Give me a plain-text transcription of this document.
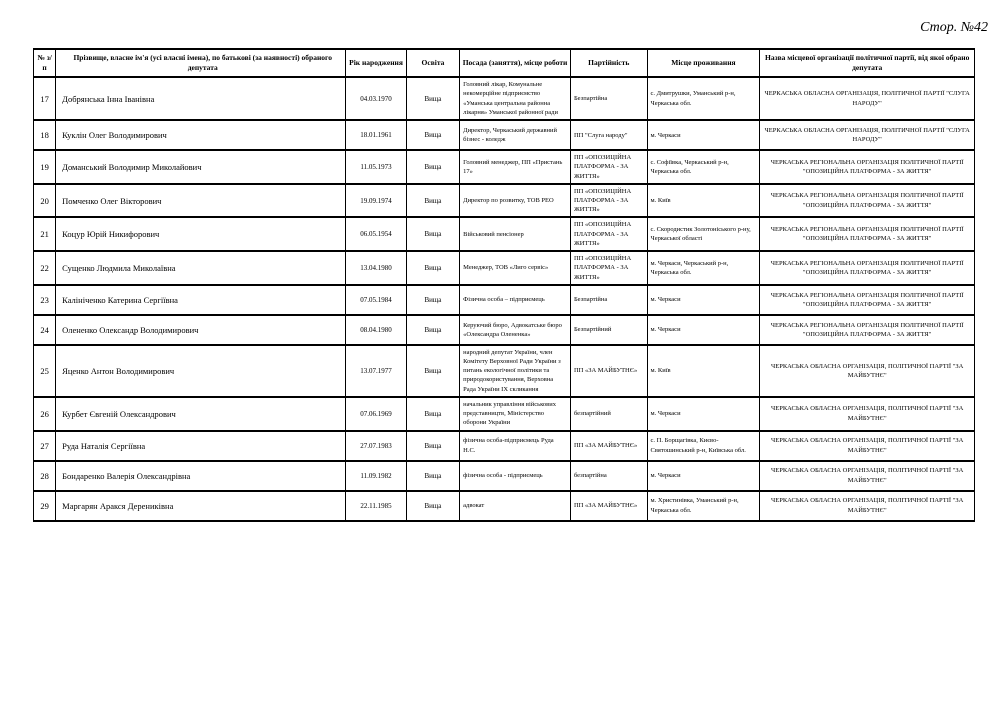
Стор. №42
№ з/п	Прізвище, власне ім'я (усі власні імена), по батькові (за наявності) обраного депутата	Рік народження	Освіта	Посада (заняття), місце роботи	Партійність	Місце проживання	Назва місцевої організації політичної партії, від якої обрано депутата
17	Добрянська Інна Іванівна	04.03.1970	Вища	Головний лікар, Комунальне некомерційне підприємство «Уманська центральна районна лікарня» Уманської районної ради	Безпартійна	с. Дмитрушки, Уманський р-н, Черкаська обл.	ЧЕРКАСЬКА ОБЛАСНА ОРГАНІЗАЦІЯ, ПОЛІТИЧНОЇ ПАРТІЇ "СЛУГА НАРОДУ"
18	Куклін Олег Володимирович	18.01.1961	Вища	Директор, Черкаський державний бізнес - коледж	ПП "Слуга народу"	м. Черкаси	ЧЕРКАСЬКА ОБЛАСНА ОРГАНІЗАЦІЯ, ПОЛІТИЧНОЇ ПАРТІЇ "СЛУГА НАРОДУ"
19	Доманський Володимир Миколайович	11.05.1973	Вища	Головний менеджер, ПП «Пристань 17»	ПП «ОПОЗИЦІЙНА ПЛАТФОРМА - ЗА ЖИТТЯ»	с. Софіївка, Черкаський р-н, Черкаська обл.	ЧЕРКАСЬКА РЕГІОНАЛЬНА ОРГАНІЗАЦІЯ ПОЛІТИЧНОЇ ПАРТІЇ "ОПОЗИЦІЙНА ПЛАТФОРМА - ЗА ЖИТТЯ"
20	Помченко Олег Вікторович	19.09.1974	Вища	Директор по розвитку, ТОВ РЕО	ПП «ОПОЗИЦІЙНА ПЛАТФОРМА - ЗА ЖИТТЯ»	м. Київ	ЧЕРКАСЬКА РЕГІОНАЛЬНА ОРГАНІЗАЦІЯ ПОЛІТИЧНОЇ ПАРТІЇ "ОПОЗИЦІЙНА ПЛАТФОРМА - ЗА ЖИТТЯ"
21	Коцур Юрій Никифорович	06.05.1954	Вища	Військовий пенсіонер	ПП «ОПОЗИЦІЙНА ПЛАТФОРМА - ЗА ЖИТТЯ»	с. Скородистик Золотоніського р-ну, Черкаської області	ЧЕРКАСЬКА РЕГІОНАЛЬНА ОРГАНІЗАЦІЯ ПОЛІТИЧНОЇ ПАРТІЇ "ОПОЗИЦІЙНА ПЛАТФОРМА - ЗА ЖИТТЯ"
22	Сущенко Людмила Миколаївна	13.04.1980	Вища	Менеджер, ТОВ «Лиго сервіс»	ПП «ОПОЗИЦІЙНА ПЛАТФОРМА - ЗА ЖИТТЯ»	м. Черкаси, Черкаський р-н, Черкаська обл.	ЧЕРКАСЬКА РЕГІОНАЛЬНА ОРГАНІЗАЦІЯ ПОЛІТИЧНОЇ ПАРТІЇ "ОПОЗИЦІЙНА ПЛАТФОРМА - ЗА ЖИТТЯ"
23	Калініченко Катерина Сергіївна	07.05.1984	Вища	Фізична особа – підприємець	Безпартійна	м. Черкаси	ЧЕРКАСЬКА РЕГІОНАЛЬНА ОРГАНІЗАЦІЯ ПОЛІТИЧНОЇ ПАРТІЇ "ОПОЗИЦІЙНА ПЛАТФОРМА - ЗА ЖИТТЯ"
24	Олененко Олександр Володимирович	08.04.1980	Вища	Керуючий бюро, Адвокатське бюро «Олександра Олененка»	Безпартійний	м. Черкаси	ЧЕРКАСЬКА РЕГІОНАЛЬНА ОРГАНІЗАЦІЯ ПОЛІТИЧНОЇ ПАРТІЇ "ОПОЗИЦІЙНА ПЛАТФОРМА - ЗА ЖИТТЯ"
25	Яценко Антон Володимирович	13.07.1977	Вища	народний депутат України, член Комітету Верховної Ради України з питань екологічної політики та природокористування, Верховна Рада України IX скликання	ПП «ЗА МАЙБУТНЄ»	м. Київ	ЧЕРКАСЬКА ОБЛАСНА ОРГАНІЗАЦІЯ, ПОЛІТИЧНОЇ ПАРТІЇ "ЗА МАЙБУТНЄ"
26	Курбет Євгеній Олександрович	07.06.1969	Вища	начальник управління військових представництв, Міністерство оборони України	безпартійний	м. Черкаси	ЧЕРКАСЬКА ОБЛАСНА ОРГАНІЗАЦІЯ, ПОЛІТИЧНОЇ ПАРТІЇ "ЗА МАЙБУТНЄ"
27	Руда Наталія Сергіївна	27.07.1983	Вища	фізична особа-підприємець Руда Н.С.	ПП «ЗА МАЙБУТНЄ»	с. П. Борщагівка, Києво-Святошинський р-н, Київська обл.	ЧЕРКАСЬКА ОБЛАСНА ОРГАНІЗАЦІЯ, ПОЛІТИЧНОЇ ПАРТІЇ "ЗА МАЙБУТНЄ"
28	Бондаренко Валерія Олександрівна	11.09.1982	Вища	фізична особа - підприємець	безпартійна	м. Черкаси	ЧЕРКАСЬКА ОБЛАСНА ОРГАНІЗАЦІЯ, ПОЛІТИЧНОЇ ПАРТІЇ "ЗА МАЙБУТНЄ"
29	Маргарян Аракся Дерениківна	22.11.1985	Вища	адвокат	ПП «ЗА МАЙБУТНЄ»	м. Христинівка, Уманський р-н, Черкаська обл.	ЧЕРКАСЬКА ОБЛАСНА ОРГАНІЗАЦІЯ, ПОЛІТИЧНОЇ ПАРТІЇ "ЗА МАЙБУТНЄ"
